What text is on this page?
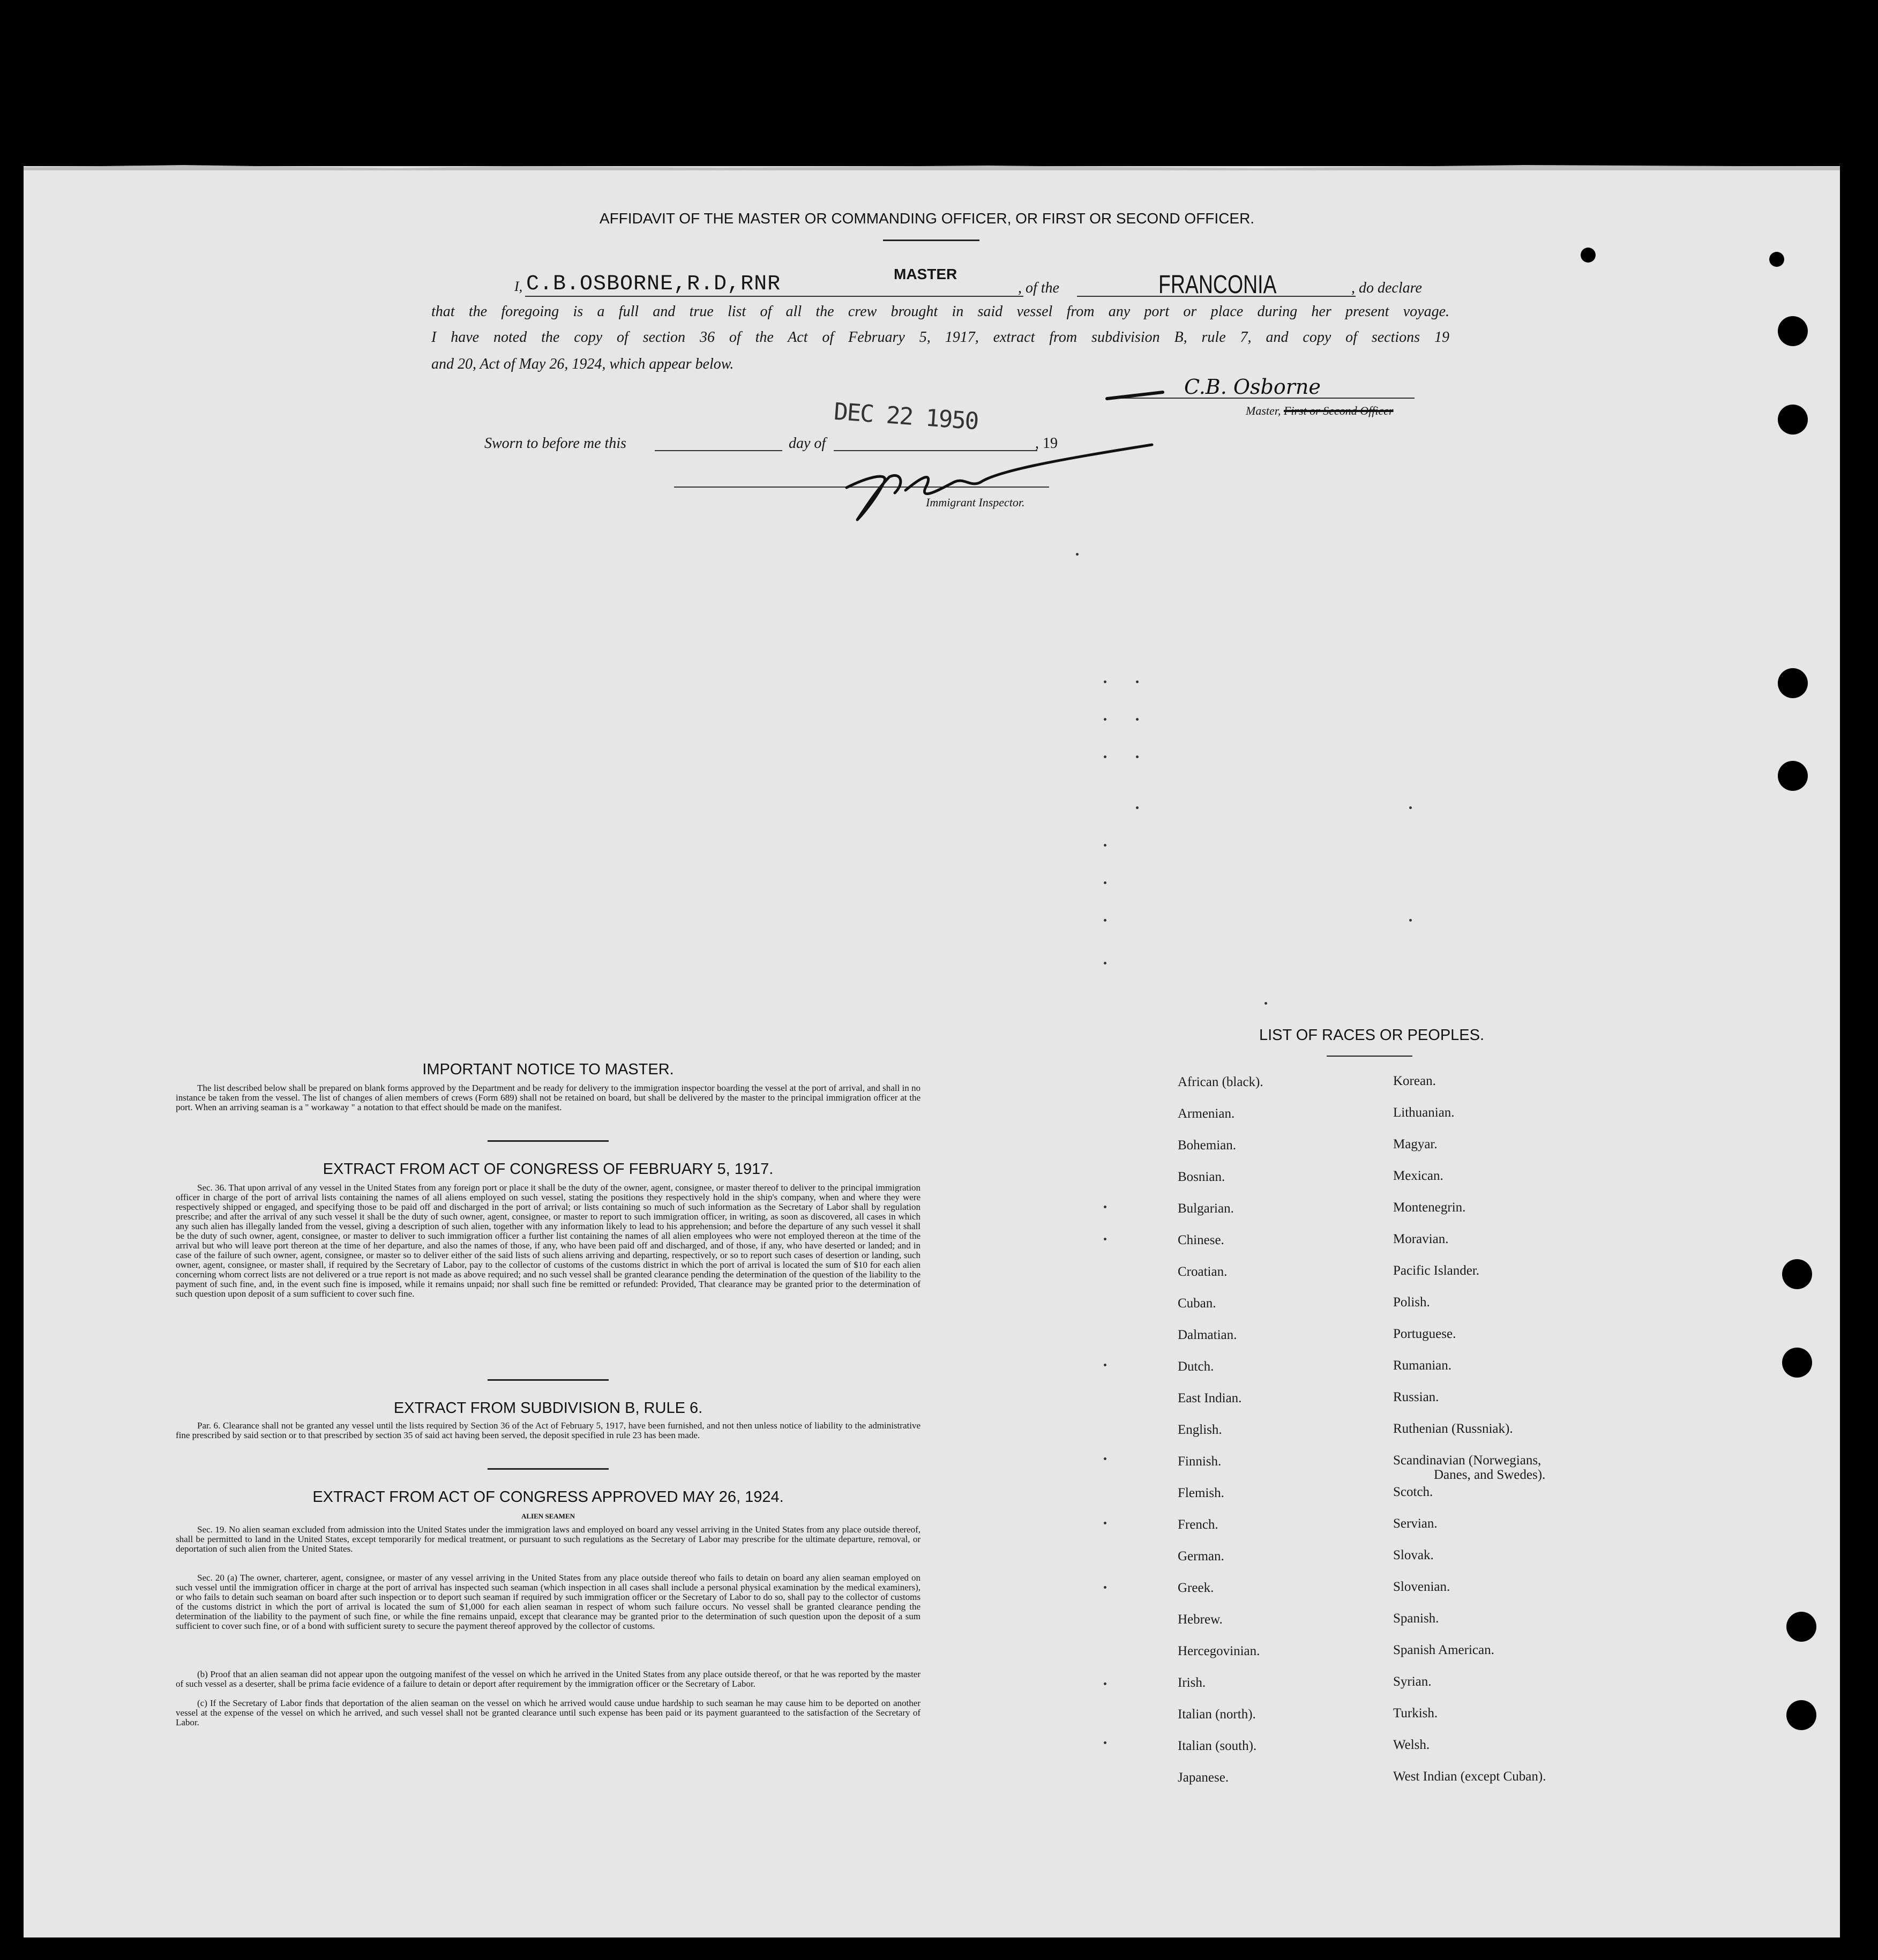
AFFIDAVIT OF THE MASTER OR COMMANDING OFFICER, OR FIRST OR SECOND OFFICER.
I, C.B.OSBORNE,R.D,RNR	MASTER
, of the	FRANCONIA	, do declare
that the foregoing is a full and true list of all the crew brought in said vessel from any port or place during her present voyage.
I have noted the copy of section 36 of the Act of February 5, 1917, extract from subdivision B, rule 7, and copy of sections 19
and 20, Act of May 26, 1924, which appear below.
C.B. Osborne
Master, First or Second Officer
Sworn to before me this	day of	, 19
DEC 22 1950
Immigrant Inspector.
IMPORTANT NOTICE TO MASTER.
The list described below shall be prepared on blank forms approved by the Department and be ready for delivery to the immigration inspector boarding the vessel at the port of arrival, and shall in no instance be taken from the vessel. The list of changes of alien members of crews (Form 689) shall not be retained on board, but shall be delivered by the master to the principal immigration officer at the port. When an arriving seaman is a " workaway " a notation to that effect should be made on the manifest.
EXTRACT FROM ACT OF CONGRESS OF FEBRUARY 5, 1917.
Sec. 36. That upon arrival of any vessel in the United States from any foreign port or place it shall be the duty of the owner, agent, consignee, or master thereof to deliver to the principal immigration officer in charge of the port of arrival lists containing the names of all aliens employed on such vessel, stating the positions they respectively hold in the ship's company, when and where they were respectively shipped or engaged, and specifying those to be paid off and discharged in the port of arrival; or lists containing so much of such information as the Secretary of Labor shall by regulation prescribe; and after the arrival of any such vessel it shall be the duty of such owner, agent, consignee, or master to report to such immigration officer, in writing, as soon as discovered, all cases in which any such alien has illegally landed from the vessel, giving a description of such alien, together with any information likely to lead to his apprehension; and before the departure of any such vessel it shall be the duty of such owner, agent, consignee, or master to deliver to such immigration officer a further list containing the names of all alien employees who were not employed thereon at the time of the arrival but who will leave port thereon at the time of her departure, and also the names of those, if any, who have been paid off and discharged, and of those, if any, who have deserted or landed; and in case of the failure of such owner, agent, consignee, or master so to deliver either of the said lists of such aliens arriving and departing, respectively, or so to report such cases of desertion or landing, such owner, agent, consignee, or master shall, if required by the Secretary of Labor, pay to the collector of customs of the customs district in which the port of arrival is located the sum of $10 for each alien concerning whom correct lists are not delivered or a true report is not made as above required; and no such vessel shall be granted clearance pending the determination of the question of the liability to the payment of such fine, and, in the event such fine is imposed, while it remains unpaid; nor shall such fine be remitted or refunded: Provided, That clearance may be granted prior to the determination of such question upon deposit of a sum sufficient to cover such fine.
EXTRACT FROM SUBDIVISION B, RULE 6.
Par. 6. Clearance shall not be granted any vessel until the lists required by Section 36 of the Act of February 5, 1917, have been furnished, and not then unless notice of liability to the administrative fine prescribed by said section or to that prescribed by section 35 of said act having been served, the deposit specified in rule 23 has been made.
EXTRACT FROM ACT OF CONGRESS APPROVED MAY 26, 1924.
ALIEN SEAMEN
Sec. 19. No alien seaman excluded from admission into the United States under the immigration laws and employed on board any vessel arriving in the United States from any place outside thereof, shall be permitted to land in the United States, except temporarily for medical treatment, or pursuant to such regulations as the Secretary of Labor may prescribe for the ultimate departure, removal, or deportation of such alien from the United States.
Sec. 20 (a) The owner, charterer, agent, consignee, or master of any vessel arriving in the United States from any place outside thereof who fails to detain on board any alien seaman employed on such vessel until the immigration officer in charge at the port of arrival has inspected such seaman (which inspection in all cases shall include a personal physical examination by the medical examiners), or who fails to detain such seaman on board after such inspection or to deport such seaman if required by such immigration officer or the Secretary of Labor to do so, shall pay to the collector of customs of the customs district in which the port of arrival is located the sum of $1,000 for each alien seaman in respect of whom such failure occurs. No vessel shall be granted clearance pending the determination of the liability to the payment of such fine, or while the fine remains unpaid, except that clearance may be granted prior to the determination of such question upon the deposit of a sum sufficient to cover such fine, or of a bond with sufficient surety to secure the payment thereof approved by the collector of customs.
(b) Proof that an alien seaman did not appear upon the outgoing manifest of the vessel on which he arrived in the United States from any place outside thereof, or that he was reported by the master of such vessel as a deserter, shall be prima facie evidence of a failure to detain or deport after requirement by the immigration officer or the Secretary of Labor.
(c) If the Secretary of Labor finds that deportation of the alien seaman on the vessel on which he arrived would cause undue hardship to such seaman he may cause him to be deported on another vessel at the expense of the vessel on which he arrived, and such vessel shall not be granted clearance until such expense has been paid or its payment guaranteed to the satisfaction of the Secretary of Labor.
LIST OF RACES OR PEOPLES.
African (black).
Armenian.
Bohemian.
Bosnian.
Bulgarian.
Chinese.
Croatian.
Cuban.
Dalmatian.
Dutch.
East Indian.
English.
Finnish.
Flemish.
French.
German.
Greek.
Hebrew.
Hercegovinian.
Irish.
Italian (north).
Italian (south).
Japanese.
Korean.
Lithuanian.
Magyar.
Mexican.
Montenegrin.
Moravian.
Pacific Islander.
Polish.
Portuguese.
Rumanian.
Russian.
Ruthenian (Russniak).
Scandinavian (Norwegians,
Danes, and Swedes).
Scotch.
Servian.
Slovak.
Slovenian.
Spanish.
Spanish American.
Syrian.
Turkish.
Welsh.
West Indian (except Cuban).
